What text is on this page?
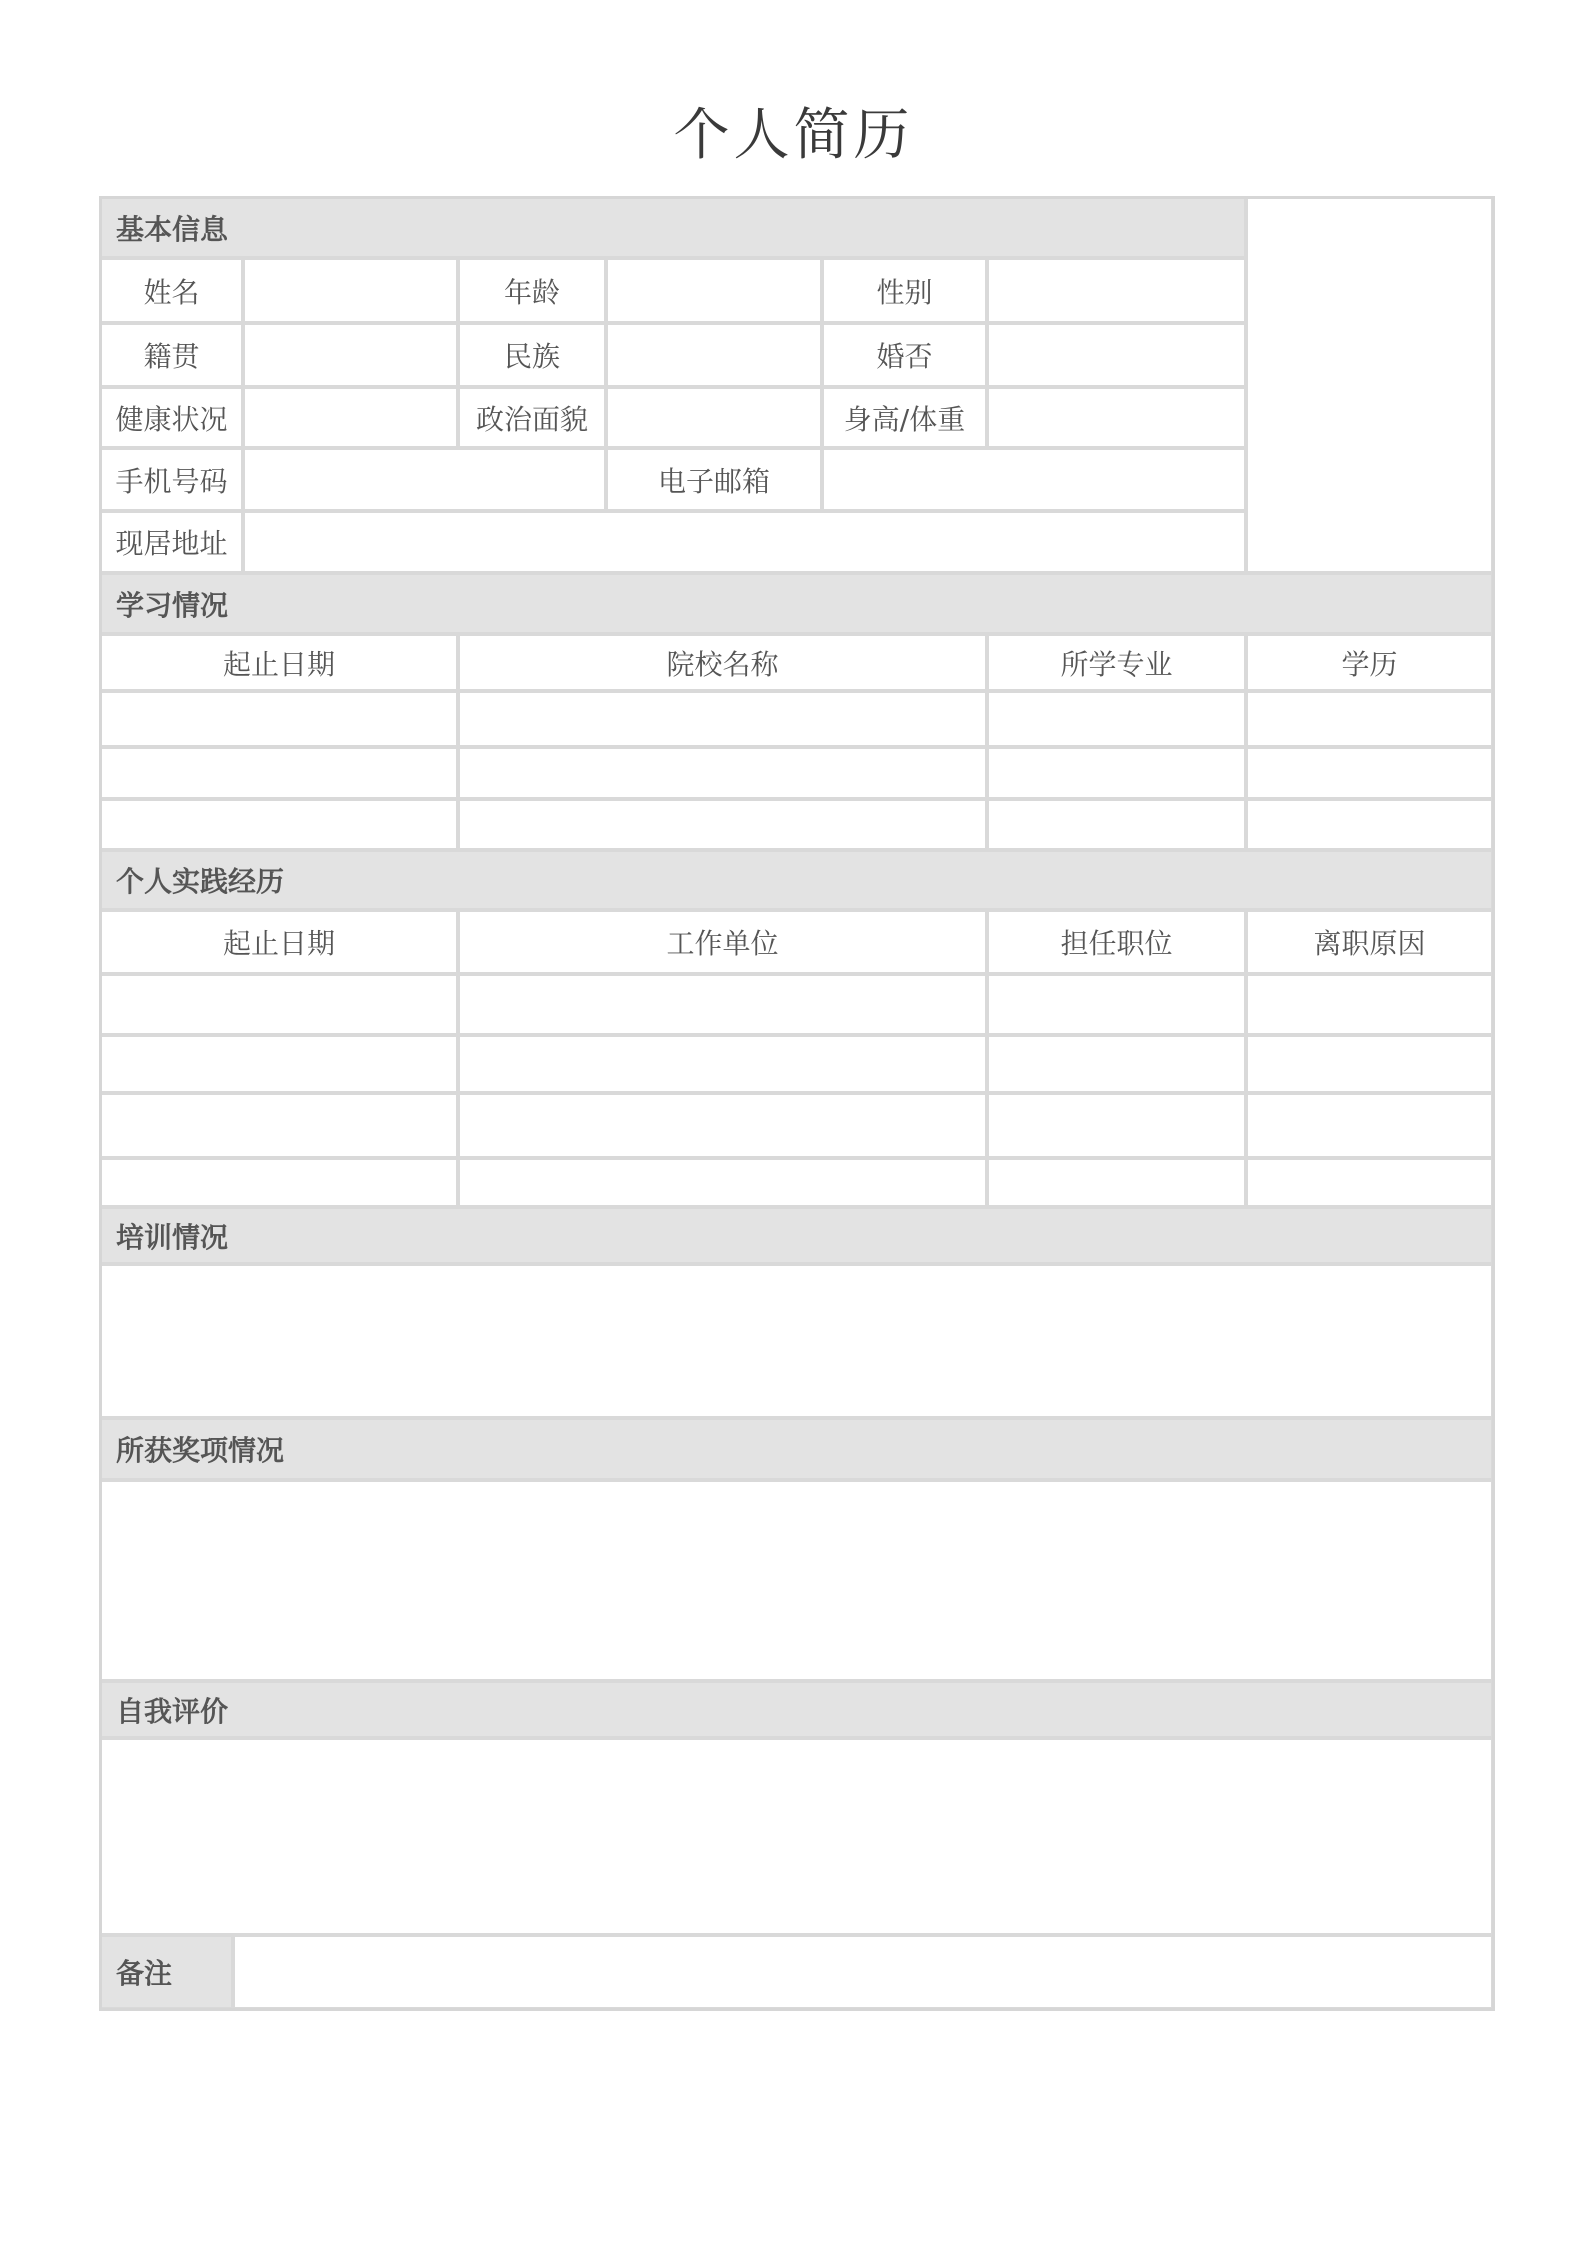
个人简历
基本信息
姓名	年龄	性别
籍贯	民族	婚否
健康状况	政治面貌	身高/体重
手机号码	电子邮箱
现居地址
学习情况
起止日期	院校名称	所学专业	学历
个人实践经历
起止日期	工作单位	担任职位	离职原因
培训情况
所获奖项情况
自我评价
备注
